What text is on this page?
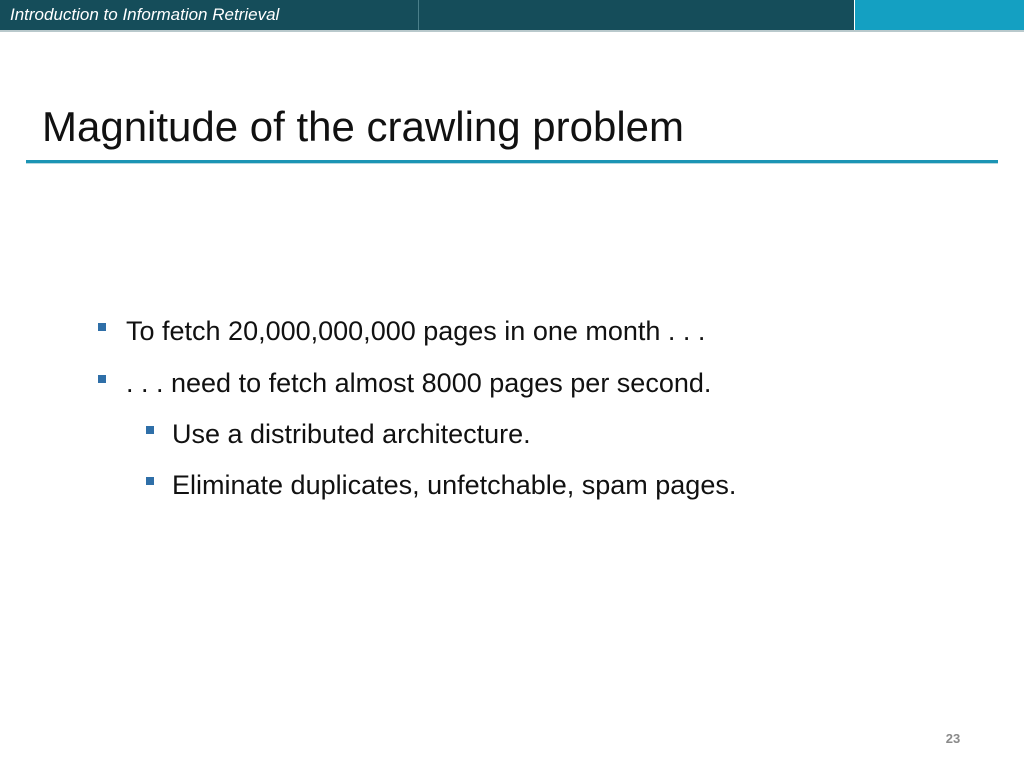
Introduction to Information Retrieval
Magnitude of the crawling problem
To fetch 20,000,000,000 pages in one month . . .
. . . need to fetch almost 8000 pages per second.
Use a distributed architecture.
Eliminate duplicates, unfetchable, spam pages.
23
